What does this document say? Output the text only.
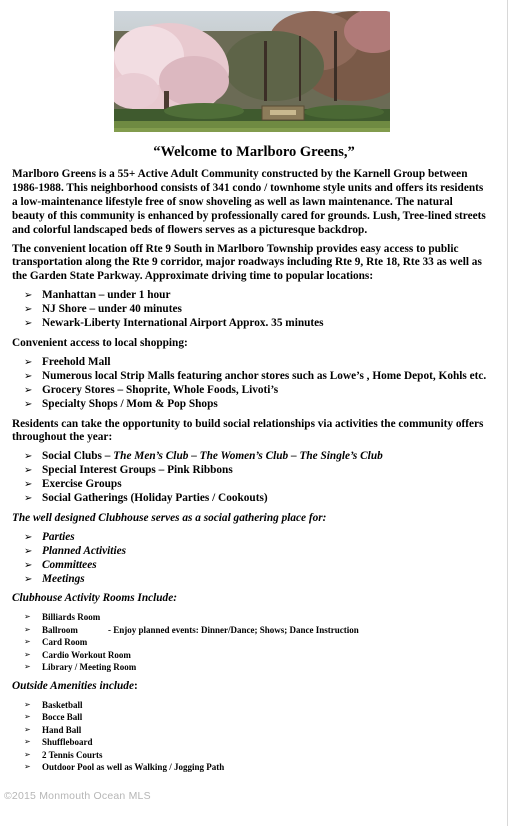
“Welcome to Marlboro Greens,”

Marlboro Greens is a 55+ Active Adult Community constructed by the Karnell Group between 1986-1988. This neighborhood consists of 341 condo / townhome style units and offers its residents a low-maintenance lifestyle free of snow shoveling as well as lawn maintenance. The natural beauty of this community is enhanced by professionally cared for grounds. Lush, Tree-lined streets and colorful landscaped beds of flowers serves as a picturesque backdrop.

The convenient location off Rte 9 South in Marlboro Township provides easy access to public transportation along the Rte 9 corridor, major roadways including Rte 9, Rte 18, Rte 33 as well as the Garden State Parkway. Approximate driving time to popular locations:

➢ Manhattan – under 1 hour
➢ NJ Shore – under 40 minutes
➢ Newark-Liberty International Airport Approx. 35 minutes

Convenient access to local shopping:

➢ Freehold Mall
➢ Numerous local Strip Malls featuring anchor stores such as Lowe’s , Home Depot, Kohls etc.
➢ Grocery Stores – Shoprite, Whole Foods, Livoti’s
➢ Specialty Shops / Mom & Pop Shops

Residents can take the opportunity to build social relationships via activities the community offers throughout the year:

➢ Social Clubs – The Men’s Club – The Women’s Club – The Single’s Club
➢ Special Interest Groups – Pink Ribbons
➢ Exercise Groups
➢ Social Gatherings (Holiday Parties / Cookouts)

The well designed Clubhouse serves as a social gathering place for:

➢ Parties
➢ Planned Activities
➢ Committees
➢ Meetings

Clubhouse Activity Rooms Include:

➢ Billiards Room
➢ Ballroom	- Enjoy planned events: Dinner/Dance; Shows; Dance Instruction
➢ Card Room
➢ Cardio Workout Room
➢ Library / Meeting Room

Outside Amenities include:

➢ Basketball
➢ Bocce Ball
➢ Hand Ball
➢ Shuffleboard
➢ 2 Tennis Courts
➢ Outdoor Pool as well as Walking / Jogging Path
©2015 Monmouth Ocean MLS
